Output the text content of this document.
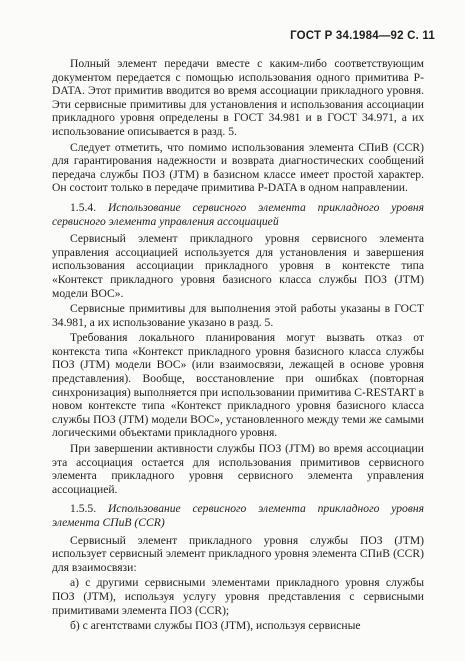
ГОСТ Р 34.1984—92 С. 11

Полный элемент передачи вместе с каким-либо соответствующим документом передается с помощью использования одного примитива P-DATA. Этот примитив вводится во время ассоциации прикладного уровня. Эти сервисные примитивы для установления и использования ассоциации прикладного уровня определены в ГОСТ 34.981 и в ГОСТ 34.971, а их использование описывается в разд. 5.

Следует отметить, что помимо использования элемента СПиВ (CCR) для гарантирования надежности и возврата диагностических сообщений передача службы ПОЗ (JTM) в базисном классе имеет простой характер. Он состоит только в передаче примитива P-DATA в одном направлении.

1.5.4. Использование сервисного элемента прикладного уровня сервисного элемента управления ассоциацией

Сервисный элемент прикладного уровня сервисного элемента управления ассоциацией используется для установления и завершения использования ассоциации прикладного уровня в контексте типа «Контекст прикладного уровня базисного класса службы ПОЗ (JTM) модели ВОС».

Сервисные примитивы для выполнения этой работы указаны в ГОСТ 34.981, а их использование указано в разд. 5.

Требования локального планирования могут вызвать отказ от контекста типа «Контекст прикладного уровня базисного класса службы ПОЗ (JTM) модели ВОС» (или взаимосвязи, лежащей в основе уровня представления). Вообще, восстановление при ошибках (повторная синхронизация) выполняется при использовании примитива C-RESTART в новом контексте типа «Контекст прикладного уровня базисного класса службы ПОЗ (JTM) модели ВОС», установленного между теми же самыми логическими объектами прикладного уровня.

При завершении активности службы ПОЗ (JTM) во время ассоциации эта ассоциация остается для использования примитивов сервисного элемента прикладного уровня сервисного элемента управления ассоциацией.

1.5.5. Использование сервисного элемента прикладного уровня элемента СПиВ (CCR)

Сервисный элемент прикладного уровня службы ПОЗ (JTM) использует сервисный элемент прикладного уровня элемента СПиВ (CCR) для взаимосвязи:

а) с другими сервисными элементами прикладного уровня службы ПОЗ (JTM), используя услугу уровня представления с сервисными примитивами элемента ПОЗ (CCR);

б) с агентствами службы ПОЗ (JTM), используя сервисные
